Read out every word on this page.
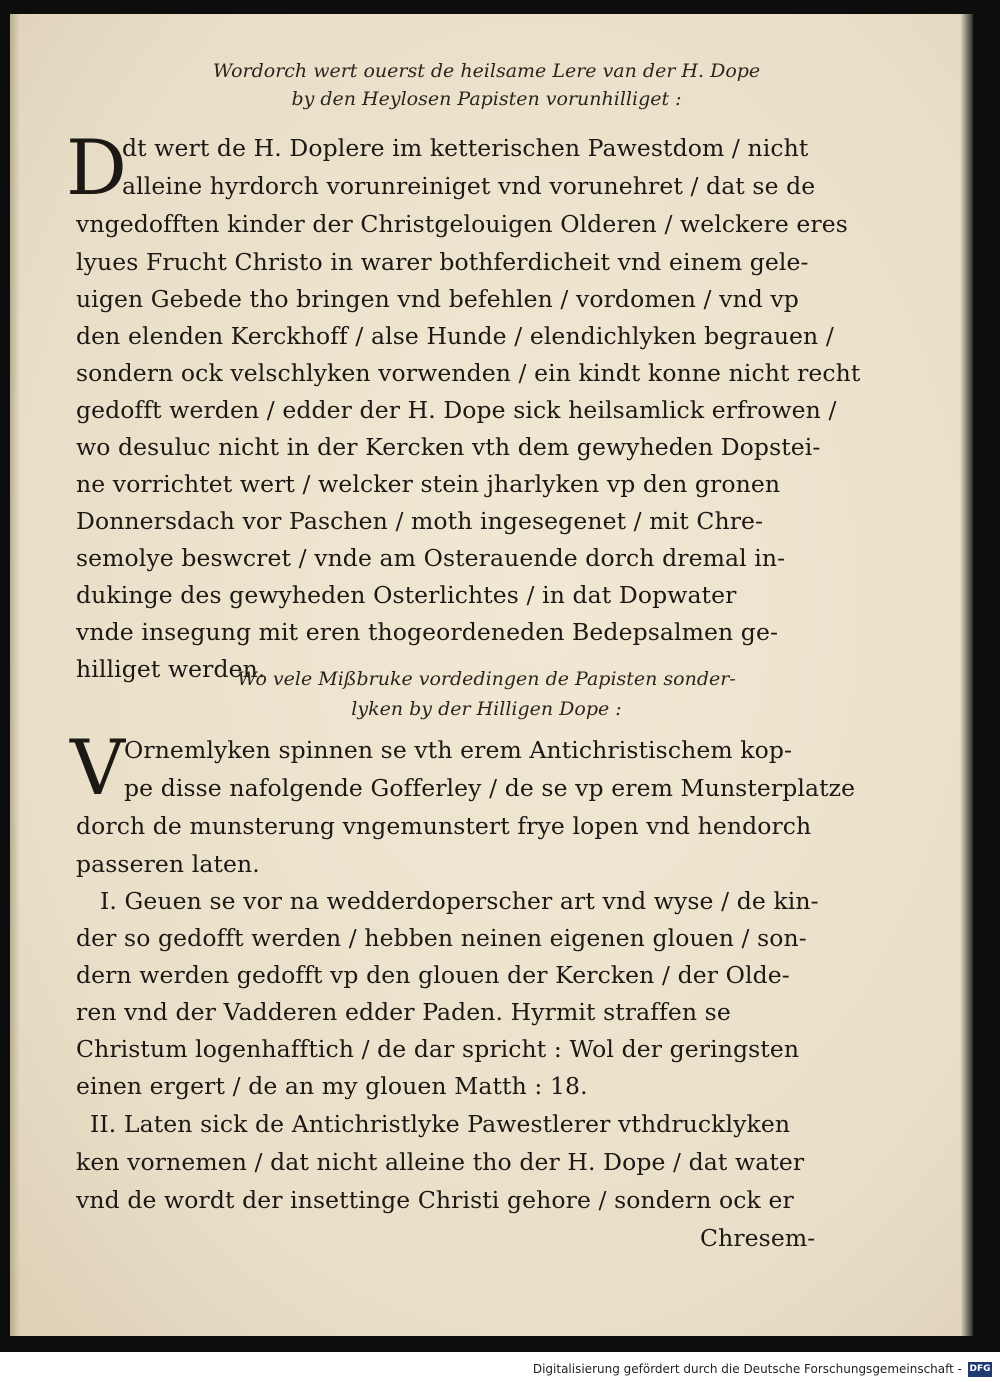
Wordorch wert ouerst de heilsame Lere van der H. Dope
by den Heylosen Papisten vorunhilliget :
D
dt wert de H. Doplere im ketterischen Pawestdom / nicht
alleine hyrdorch vorunreiniget vnd vorunehret / dat se de
vngedofften kinder der Christgelouigen Olderen / welckere eres
lyues Frucht Christo in warer bothferdicheit vnd einem gele-
uigen Gebede tho bringen vnd befehlen / vordomen / vnd vp
den elenden Kerckhoff / alse Hunde / elendichlyken begrauen /
sondern ock velschlyken vorwenden / ein kindt konne nicht recht
gedofft werden / edder der H. Dope sick heilsamlick erfrowen /
wo desuluc nicht in der Kercken vth dem gewyheden Dopstei-
ne vorrichtet wert / welcker stein jharlyken vp den gronen
Donnersdach vor Paschen / moth ingesegenet / mit Chre-
semolye beswcret / vnde am Osterauende dorch dremal in-
dukinge des gewyheden Osterlichtes / in dat Dopwater
vnde insegung mit eren thogeordeneden Bedepsalmen ge-
hilliget werden.
Wo vele Mißbruke vordedingen de Papisten sonder-
lyken by der Hilligen Dope :
V Ornemlyken spinnen se vth erem Antichristischem kop-
pe disse nafolgende Gofferley / de se vp erem Munsterplatze
dorch de munsterung vngemunstert frye lopen vnd hendorch
passeren laten.
I. Geuen se vor na wedderdoperscher art vnd wyse / de kin-
der so gedofft werden / hebben neinen eigenen glouen / son-
dern werden gedofft vp den glouen der Kercken / der Olde-
ren vnd der Vadderen edder Paden. Hyrmit straffen se
Christum logenhafftich / de dar spricht : Wol der geringsten
einen ergert / de an my glouen Matth : 18.
II. Laten sick de Antichristlyke Pawestlerer vthdrucklyken
ken vornemen / dat nicht alleine tho der H. Dope / dat water
vnd de wordt der insettinge Christi gehore / sondern ock er
Chresem-
Digitalisierung gefördert durch die Deutsche Forschungsgemeinschaft - DFG
